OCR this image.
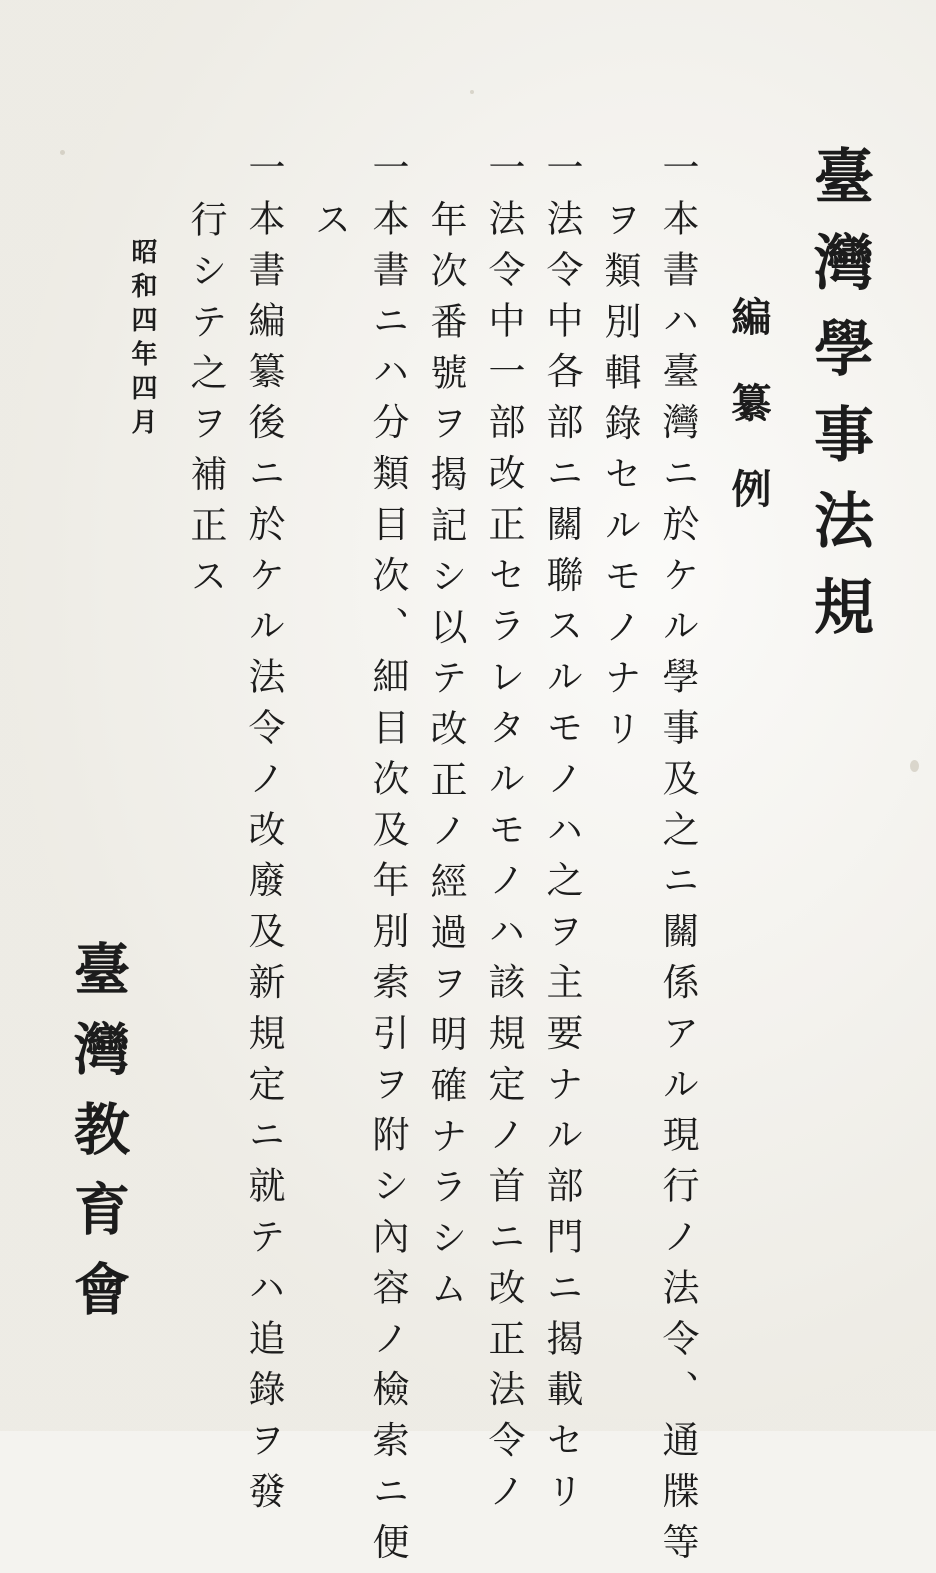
臺灣學事法規
編纂例
一本書ハ臺灣ニ於ケル學事及之ニ關係アル現行ノ法令、通牒等
ヲ類別輯錄セルモノナリ
一法令中各部ニ關聯スルモノハ之ヲ主要ナル部門ニ揭載セリ
一法令中一部改正セラレタルモノハ該規定ノ首ニ改正法令ノ
年次番號ヲ揭記シ以テ改正ノ經過ヲ明確ナラシム
一本書ニハ分類目次、細目次及年別索引ヲ附シ內容ノ檢索ニ便
ス
一本書編纂後ニ於ケル法令ノ改廢及新規定ニ就テハ追錄ヲ發
行シテ之ヲ補正ス
昭和四年四月
臺灣教育會
